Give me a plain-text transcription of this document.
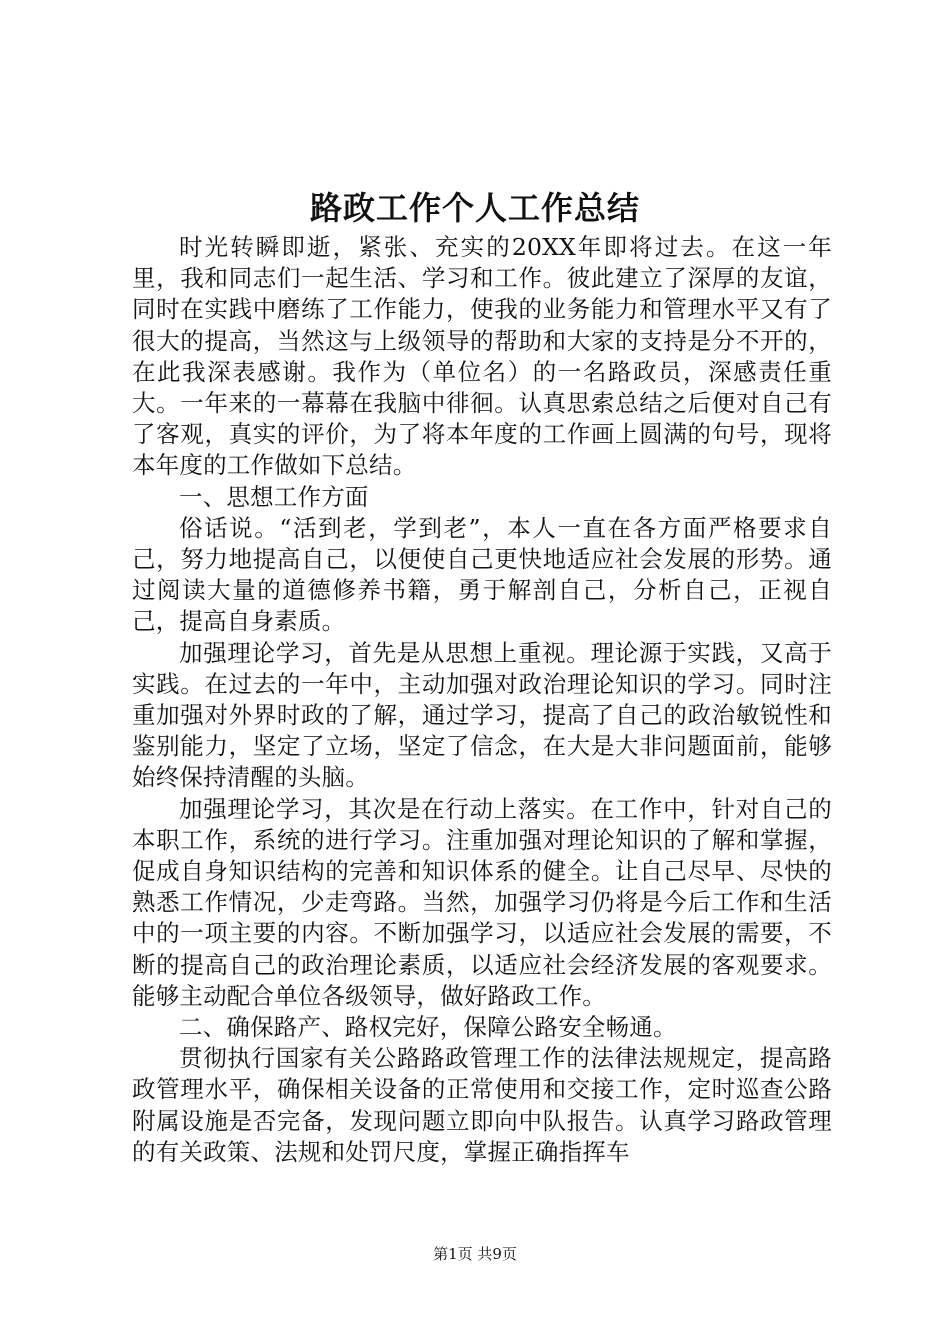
路政工作个人工作总结

时光转瞬即逝，紧张、充实的20XX年即将过去。在这一年里，我和同志们一起生活、学习和工作。彼此建立了深厚的友谊，同时在实践中磨练了工作能力，使我的业务能力和管理水平又有了很大的提高，当然这与上级领导的帮助和大家的支持是分不开的，在此我深表感谢。我作为（单位名）的一名路政员，深感责任重大。一年来的一幕幕在我脑中徘徊。认真思索总结之后便对自己有了客观，真实的评价，为了将本年度的工作画上圆满的句号，现将本年度的工作做如下总结。

一、思想工作方面

俗话说。“活到老，学到老”，本人一直在各方面严格要求自己，努力地提高自己，以便使自己更快地适应社会发展的形势。通过阅读大量的道德修养书籍，勇于解剖自己，分析自己，正视自己，提高自身素质。

加强理论学习，首先是从思想上重视。理论源于实践，又高于实践。在过去的一年中，主动加强对政治理论知识的学习。同时注重加强对外界时政的了解，通过学习，提高了自己的政治敏锐性和鉴别能力，坚定了立场，坚定了信念，在大是大非问题面前，能够始终保持清醒的头脑。

加强理论学习，其次是在行动上落实。在工作中，针对自己的本职工作，系统的进行学习。注重加强对理论知识的了解和掌握，促成自身知识结构的完善和知识体系的健全。让自己尽早、尽快的熟悉工作情况，少走弯路。当然，加强学习仍将是今后工作和生活中的一项主要的内容。不断加强学习，以适应社会发展的需要，不断的提高自己的政治理论素质，以适应社会经济发展的客观要求。能够主动配合单位各级领导，做好路政工作。

二、确保路产、路权完好，保障公路安全畅通。

贯彻执行国家有关公路路政管理工作的法律法规规定，提高路政管理水平，确保相关设备的正常使用和交接工作，定时巡查公路附属设施是否完备，发现问题立即向中队报告。认真学习路政管理的有关政策、法规和处罚尺度，掌握正确指挥车

第1页 共9页
